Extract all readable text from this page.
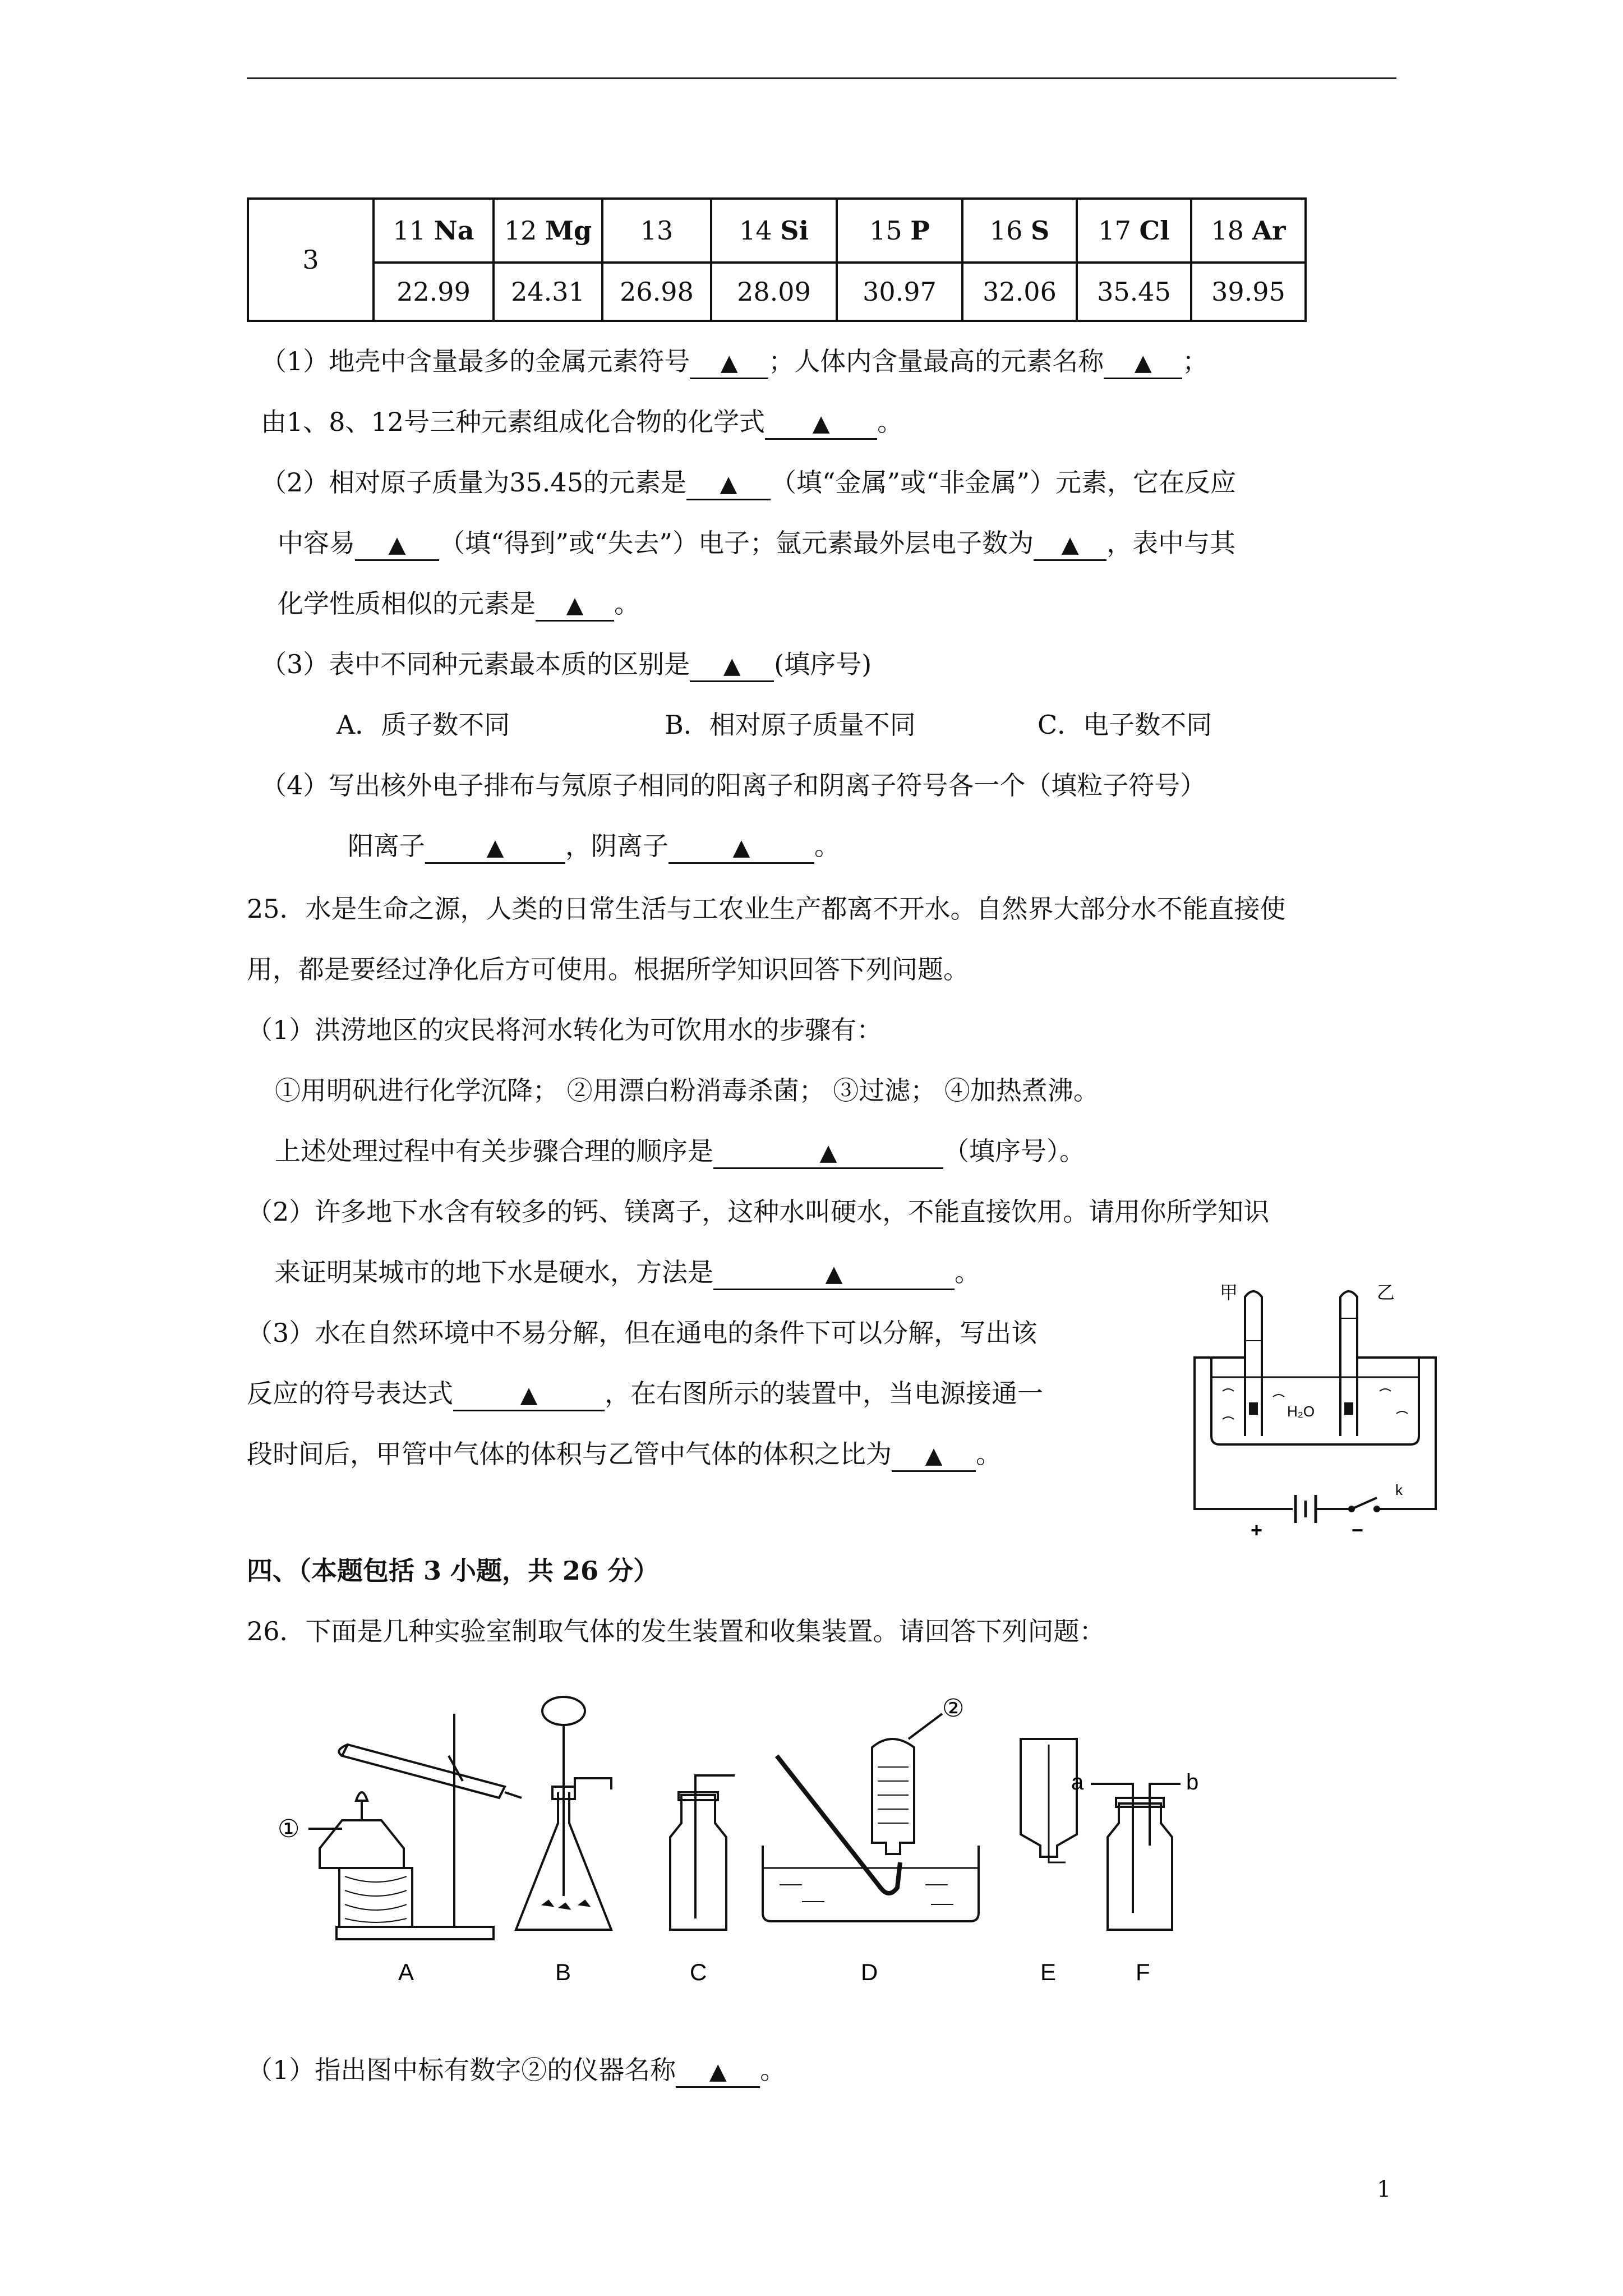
3	11 Na	12 Mg	13	14 Si	15 P	16 S	17 Cl	18 Ar
	22.99	24.31	26.98	28.09	30.97	32.06	35.45	39.95
（1）地壳中含量最多的金属元素符号 ▲ ；人体内含量最高的元素名称 ▲ ；
由1、8、12号三种元素组成化合物的化学式 ▲ 。
（2）相对原子质量为35.45的元素是 ▲ （填“金属”或“非金属”）元素，它在反应
中容易 ▲ （填“得到”或“失去”）电子；氩元素最外层电子数为 ▲ ，表中与其
化学性质相似的元素是 ▲ 。
（3）表中不同种元素最本质的区别是 ▲ (填序号)
A．质子数不同	B．相对原子质量不同	C．电子数不同
（4）写出核外电子排布与氖原子相同的阳离子和阴离子符号各一个（填粒子符号）
阳离子	▲ ，阴离子	▲ 。
25．水是生命之源，人类的日常生活与工农业生产都离不开水。自然界大部分水不能直接使
用，都是要经过净化后方可使用。根据所学知识回答下列问题。
（1）洪涝地区的灾民将河水转化为可饮用水的步骤有：
①用明矾进行化学沉降； ②用漂白粉消毒杀菌； ③过滤； ④加热煮沸。
上述处理过程中有关步骤合理的顺序是	▲	（填序号）。
（2）许多地下水含有较多的钙、镁离子，这种水叫硬水，不能直接饮用。请用你所学知识
来证明某城市的地下水是硬水，方法是	▲	。
（3）水在自然环境中不易分解，但在通电的条件下可以分解，写出该
反应的符号表达式	▲	，在右图所示的装置中，当电源接通一
段时间后，甲管中气体的体积与乙管中气体的体积之比为 ▲ 。
甲	乙
H₂O
+	−
k
四、（本题包括 3 小题，共 26 分）
26．下面是几种实验室制取气体的发生装置和收集装置。请回答下列问题：
①
②
a	b
A	B	C	D	E	F
（1）指出图中标有数字②的仪器名称 ▲ 。
1
